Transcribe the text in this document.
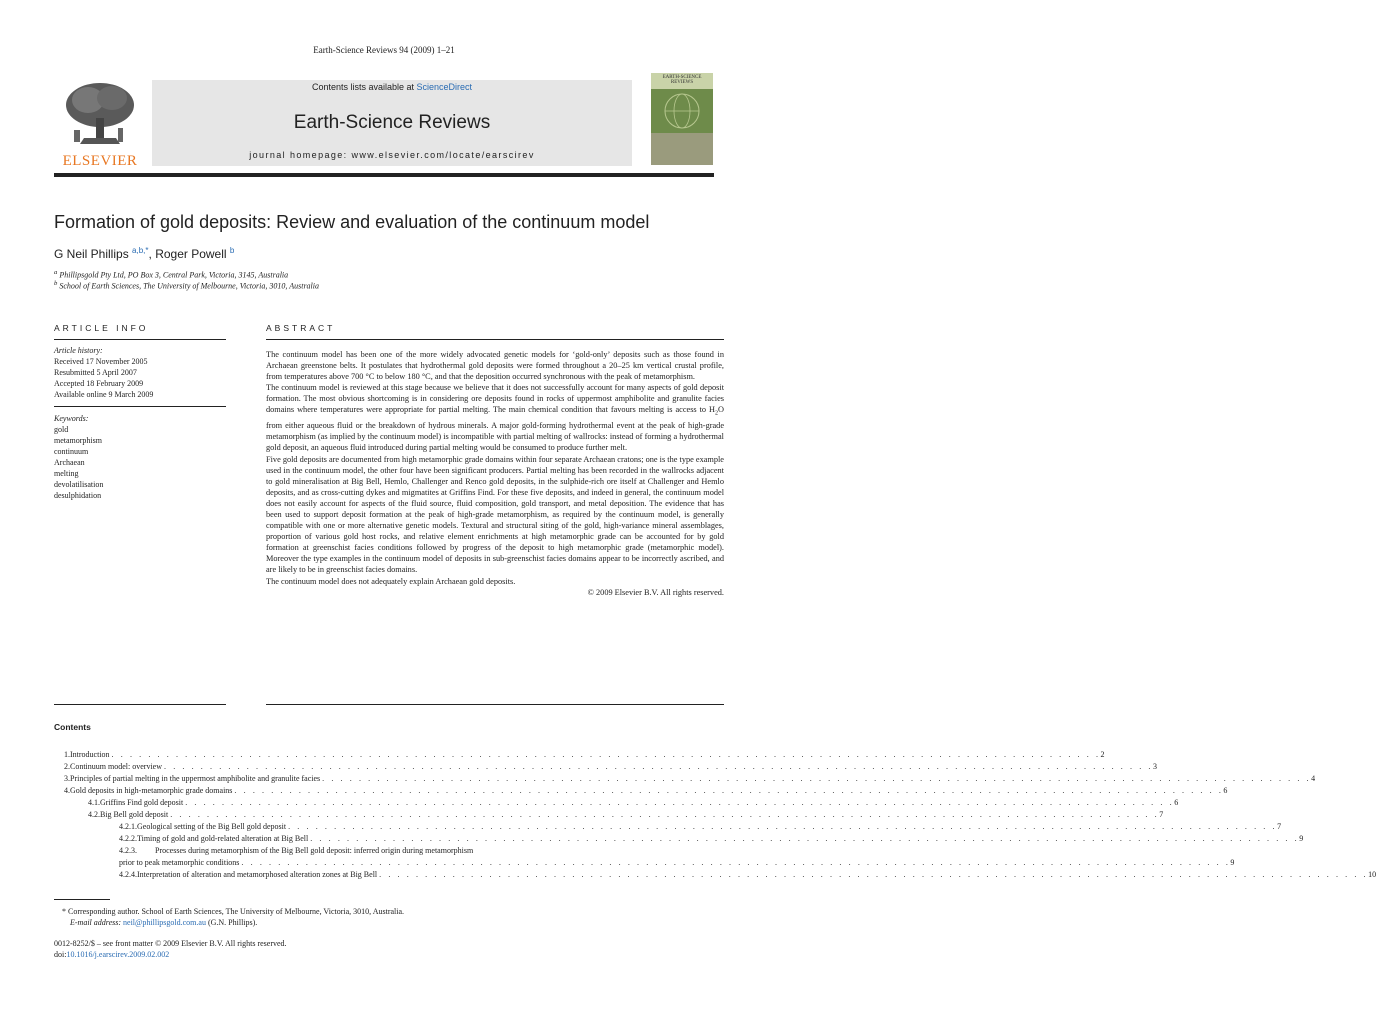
Earth-Science Reviews 94 (2009) 1–21
ELSEVIER
Contents lists available at ScienceDirect
Earth-Science Reviews
journal homepage: www.elsevier.com/locate/earscirev
EARTH-SCIENCE REVIEWS
Formation of gold deposits: Review and evaluation of the continuum model
G Neil Phillips $^{a,b,*}$, Roger Powell $^b$
$^a$ Phillipsgold Pty Ltd, PO Box 3, Central Park, Victoria, 3145, Australia
$^b$ School of Earth Sciences, The University of Melbourne, Victoria, 3010, Australia
ARTICLE INFO	ABSTRACT
Article history:
Received 17 November 2005
Resubmitted 5 April 2007
Accepted 18 February 2009
Available online 9 March 2009
Keywords:
gold
metamorphism
continuum
Archaean
melting
devolatilisation
desulphidation

The continuum model has been one of the more widely advocated genetic models for ‘gold-only’ deposits such as those found in Archaean greenstone belts. It postulates that hydrothermal gold deposits were formed throughout a 20–25 km vertical crustal profile, from temperatures above 700 °C to below 180 °C, and that the deposition occurred synchronous with the peak of metamorphism.

The continuum model is reviewed at this stage because we believe that it does not successfully account for many aspects of gold deposit formation. The most obvious shortcoming is in considering ore deposits found in rocks of uppermost amphibolite and granulite facies domains where temperatures were appropriate for partial melting. The main chemical condition that favours melting is access to $H_2O$ from either aqueous fluid or the breakdown of hydrous minerals. A major gold-forming hydrothermal event at the peak of high-grade metamorphism (as implied by the continuum model) is incompatible with partial melting of wallrocks: instead of forming a hydrothermal gold deposit, an aqueous fluid introduced during partial melting would be consumed to produce further melt.

Five gold deposits are documented from high metamorphic grade domains within four separate Archaean cratons; one is the type example used in the continuum model, the other four have been significant producers. Partial melting has been recorded in the wallrocks adjacent to gold mineralisation at Big Bell, Hemlo, Challenger and Renco gold deposits, in the sulphide-rich ore itself at Challenger and Hemlo deposits, and as cross-cutting dykes and migmatites at Griffins Find. For these five deposits, and indeed in general, the continuum model does not easily account for aspects of the fluid source, fluid composition, gold transport, and metal deposition. The evidence that has been used to support deposit formation at the peak of high-grade metamorphism, as required by the continuum model, is generally compatible with one or more alternative genetic models. Textural and structural siting of the gold, high-variance mineral assemblages, proportion of various gold host rocks, and relative element enrichments at high metamorphic grade can be accounted for by gold formation at greenschist facies conditions followed by progress of the deposit to high metamorphic grade (metamorphic model). Moreover the type examples in the continuum model of deposits in sub-greenschist facies domains appear to be incorrectly ascribed, and are likely to be in greenschist facies domains.

The continuum model does not adequately explain Archaean gold deposits.

© 2009 Elsevier B.V. All rights reserved.

Contents
1. Introduction . . . . . . . . . . . . . . . . . . . . . . . . . . . . . . . . . . . . . . . . . . . . . . . . . . . . . . . . . . . . . . . . . . . . . . . . . . . . . . . . . . . . . . . . . . . . . . . . . . . . . . . . . . . . 2
2. Continuum model: overview . . . . . . . . . . . . . . . . . . . . . . . . . . . . . . . . . . . . . . . . . . . . . . . . . . . . . . . . . . . . . . . . . . . . . . . . . . . . . . . . . . . . . . . . . . . . . . . . . . . . . . . . . . . . 3
3. Principles of partial melting in the uppermost amphibolite and granulite facies . . . . . . . . . . . . . . . . . . . . . . . . . . . . . . . . . . . . . . . . . . . . . . . . . . . . . . . . . . . . . . . . . . . . . . . . . . . . . . . . . . . . . . . . . . . . . . . . . . . . . . . . . . . . 4
4. Gold deposits in high-metamorphic grade domains . . . . . . . . . . . . . . . . . . . . . . . . . . . . . . . . . . . . . . . . . . . . . . . . . . . . . . . . . . . . . . . . . . . . . . . . . . . . . . . . . . . . . . . . . . . . . . . . . . . . . . . . . . . . 6
4.1. Griffins Find gold deposit . . . . . . . . . . . . . . . . . . . . . . . . . . . . . . . . . . . . . . . . . . . . . . . . . . . . . . . . . . . . . . . . . . . . . . . . . . . . . . . . . . . . . . . . . . . . . . . . . . . . . . . . . . . . 6
4.2. Big Bell gold deposit . . . . . . . . . . . . . . . . . . . . . . . . . . . . . . . . . . . . . . . . . . . . . . . . . . . . . . . . . . . . . . . . . . . . . . . . . . . . . . . . . . . . . . . . . . . . . . . . . . . . . . . . . . . . 7
4.2.1. Geological setting of the Big Bell gold deposit . . . . . . . . . . . . . . . . . . . . . . . . . . . . . . . . . . . . . . . . . . . . . . . . . . . . . . . . . . . . . . . . . . . . . . . . . . . . . . . . . . . . . . . . . . . . . . . . . . . . . . . . . . . . 7
4.2.2. Timing of gold and gold-related alteration at Big Bell . . . . . . . . . . . . . . . . . . . . . . . . . . . . . . . . . . . . . . . . . . . . . . . . . . . . . . . . . . . . . . . . . . . . . . . . . . . . . . . . . . . . . . . . . . . . . . . . . . . . . . . . . . . . 9
4.2.3.	Processes during metamorphism of the Big Bell gold deposit: inferred origin during metamorphism
prior to peak metamorphic conditions . . . . . . . . . . . . . . . . . . . . . . . . . . . . . . . . . . . . . . . . . . . . . . . . . . . . . . . . . . . . . . . . . . . . . . . . . . . . . . . . . . . . . . . . . . . . . . . . . . . . . . . . . . . . 9
4.2.4. Interpretation of alteration and metamorphosed alteration zones at Big Bell . . . . . . . . . . . . . . . . . . . . . . . . . . . . . . . . . . . . . . . . . . . . . . . . . . . . . . . . . . . . . . . . . . . . . . . . . . . . . . . . . . . . . . . . . . . . . . . . . . . . . . . . . . . . 10
* Corresponding author. School of Earth Sciences, The University of Melbourne, Victoria, 3010, Australia.
E-mail address: neil@phillipsgold.com.au (G.N. Phillips).
0012-8252/$ – see front matter © 2009 Elsevier B.V. All rights reserved.
doi:10.1016/j.earscirev.2009.02.002
